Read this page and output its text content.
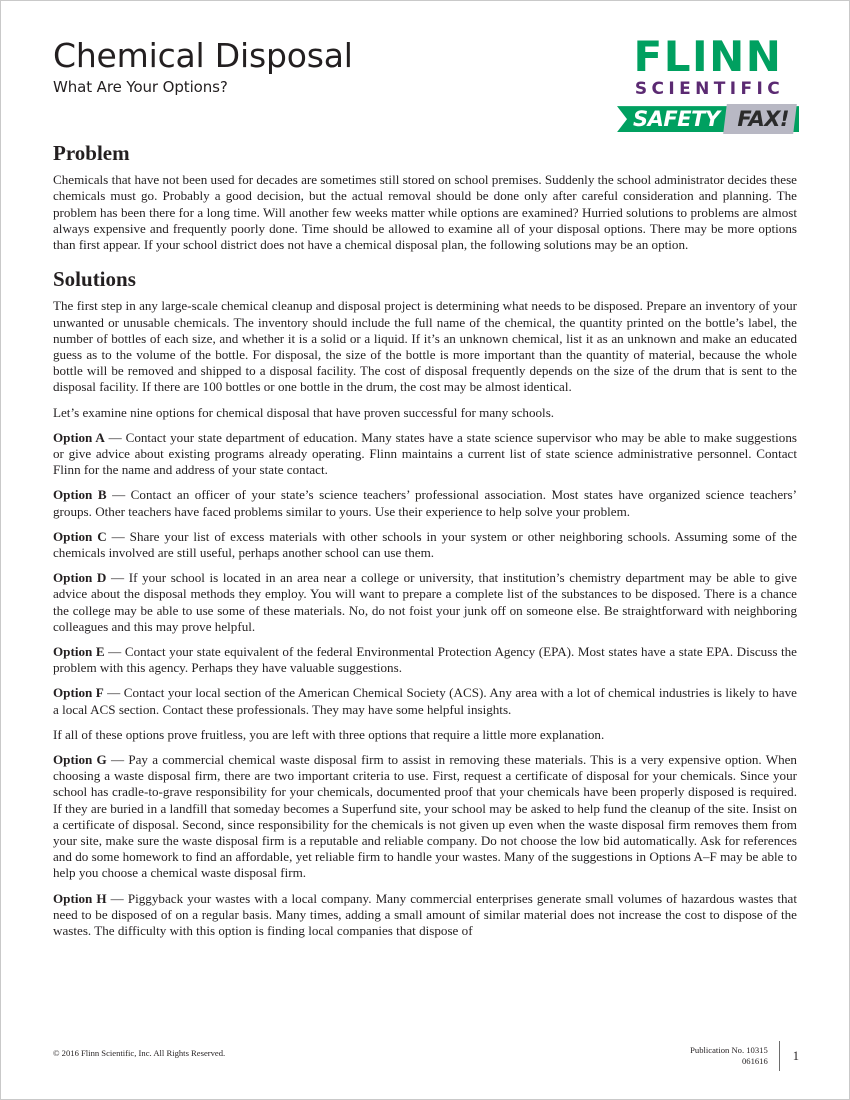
Chemical Disposal

What Are Your Options?

FLINN
SCIENTIFIC
SAFETY FAX!
Problem

Chemicals that have not been used for decades are sometimes still stored on school premises. Suddenly the school administrator decides these chemicals must go. Probably a good decision, but the actual removal should be done only after careful consideration and planning. The problem has been there for a long time. Will another few weeks matter while options are examined? Hurried solutions to problems are almost always expensive and frequently poorly done. Time should be allowed to examine all of your disposal options. There may be more options than first appear. If your school district does not have a chemical disposal plan, the following solutions may be an option.

Solutions

The first step in any large-scale chemical cleanup and disposal project is determining what needs to be disposed. Prepare an inventory of your unwanted or unusable chemicals. The inventory should include the full name of the chemical, the quantity printed on the bottle’s label, the number of bottles of each size, and whether it is a solid or a liquid. If it’s an unknown chemical, list it as an unknown and make an educated guess as to the volume of the bottle. For disposal, the size of the bottle is more important than the quantity of material, because the whole bottle will be removed and shipped to a disposal facility. The cost of disposal frequently depends on the size of the drum that is sent to the disposal facility. If there are 100 bottles or one bottle in the drum, the cost may be almost identical.

Let’s examine nine options for chemical disposal that have proven successful for many schools.

Option A — Contact your state department of education. Many states have a state science supervisor who may be able to make suggestions or give advice about existing programs already operating. Flinn maintains a current list of state science administrative personnel. Contact Flinn for the name and address of your state contact.

Option B — Contact an officer of your state’s science teachers’ professional association. Most states have organized science teachers’ groups. Other teachers have faced problems similar to yours. Use their experience to help solve your problem.

Option C — Share your list of excess materials with other schools in your system or other neighboring schools. Assuming some of the chemicals involved are still useful, perhaps another school can use them.

Option D — If your school is located in an area near a college or university, that institution’s chemistry department may be able to give advice about the disposal methods they employ. You will want to prepare a complete list of the substances to be disposed. There is a chance the college may be able to use some of these materials. No, do not foist your junk off on someone else. Be straightforward with neighboring colleagues and this may prove helpful.

Option E — Contact your state equivalent of the federal Environmental Protection Agency (EPA). Most states have a state EPA. Discuss the problem with this agency. Perhaps they have valuable suggestions.

Option F — Contact your local section of the American Chemical Society (ACS). Any area with a lot of chemical industries is likely to have a local ACS section. Contact these professionals. They may have some helpful insights.

If all of these options prove fruitless, you are left with three options that require a little more explanation.

Option G — Pay a commercial chemical waste disposal firm to assist in removing these materials. This is a very expensive option. When choosing a waste disposal firm, there are two important criteria to use. First, request a certificate of disposal for your chemicals. Since your school has cradle-to-grave responsibility for your chemicals, documented proof that your chemicals have been properly disposed is required. If they are buried in a landfill that someday becomes a Superfund site, your school may be asked to help fund the cleanup of the site. Insist on a certificate of disposal. Second, since responsibility for the chemicals is not given up even when the waste disposal firm removes them from your site, make sure the waste disposal firm is a reputable and reliable company. Do not choose the low bid automatically. Ask for references and do some homework to find an affordable, yet reliable firm to handle your wastes. Many of the suggestions in Options A–F may be able to help you choose a chemical waste disposal firm.

Option H — Piggyback your wastes with a local company. Many commercial enterprises generate small volumes of hazardous wastes that need to be disposed of on a regular basis. Many times, adding a small amount of similar material does not increase the cost to dispose of the wastes. The difficulty with this option is finding local companies that dispose of

© 2016 Flinn Scientific, Inc. All Rights Reserved.	Publication No. 10315
061616	1
